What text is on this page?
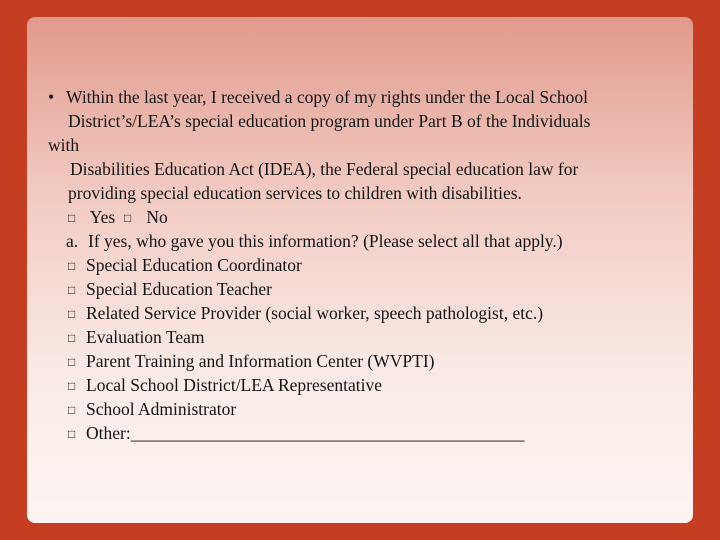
• Within the last year, I received a copy of my rights under the Local School
District’s/LEA’s special education program under Part B of the Individuals
with
Disabilities Education Act (IDEA), the Federal special education law for
providing special education services to children with disabilities.
□ Yes □ No
a. If yes, who gave you this information? (Please select all that apply.)
□ Special Education Coordinator
□ Special Education Teacher
□ Related Service Provider (social worker, speech pathologist, etc.)
□ Evaluation Team
□ Parent Training and Information Center (WVPTI)
□ Local School District/LEA Representative
□ School Administrator
□ Other:_____________________________________________
